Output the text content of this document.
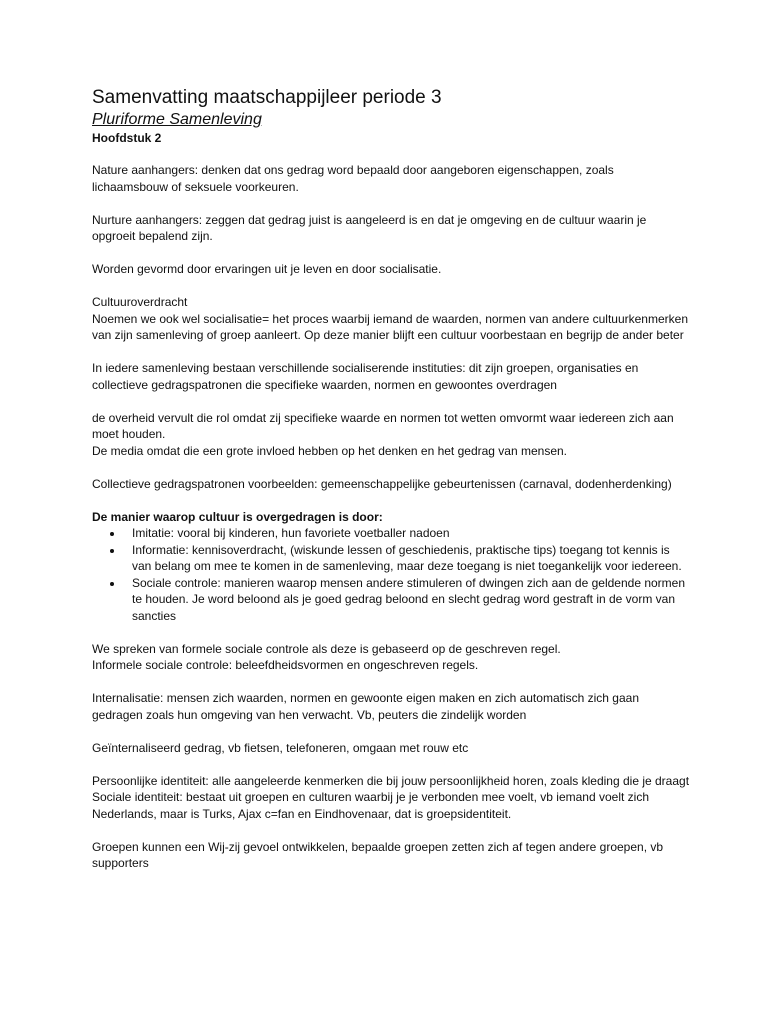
Samenvatting maatschappijleer periode 3
Pluriforme Samenleving
Hoofdstuk 2

Nature aanhangers: denken dat ons gedrag word bepaald door aangeboren eigenschappen, zoals lichaamsbouw of seksuele voorkeuren.

Nurture aanhangers: zeggen dat gedrag juist is aangeleerd is en dat je omgeving en de cultuur waarin je opgroeit bepalend zijn.

Worden gevormd door ervaringen uit je leven en door socialisatie.

Cultuuroverdracht

Noemen we ook wel socialisatie= het proces waarbij iemand de waarden, normen van andere cultuurkenmerken van zijn samenleving of groep aanleert. Op deze manier blijft een cultuur voorbestaan en begrijp de ander beter

In iedere samenleving bestaan verschillende socialiserende instituties: dit zijn groepen, organisaties en collectieve gedragspatronen die specifieke waarden, normen en gewoontes overdragen

de overheid vervult die rol omdat zij specifieke waarde en normen tot wetten omvormt waar iedereen zich aan moet houden.

De media omdat die een grote invloed hebben op het denken en het gedrag van mensen.

Collectieve gedragspatronen voorbeelden: gemeenschappelijke gebeurtenissen (carnaval, dodenherdenking)

De manier waarop cultuur is overgedragen is door:

• Imitatie: vooral bij kinderen, hun favoriete voetballer nadoen
• Informatie: kennisoverdracht, (wiskunde lessen of geschiedenis, praktische tips) toegang tot kennis is van belang om mee te komen in de samenleving, maar deze toegang is niet toegankelijk voor iedereen.
• Sociale controle: manieren waarop mensen andere stimuleren of dwingen zich aan de geldende normen te houden. Je word beloond als je goed gedrag beloond en slecht gedrag word gestraft in de vorm van sancties

We spreken van formele sociale controle als deze is gebaseerd op de geschreven regel.

Informele sociale controle: beleefdheidsvormen en ongeschreven regels.

Internalisatie: mensen zich waarden, normen en gewoonte eigen maken en zich automatisch zich gaan gedragen zoals hun omgeving van hen verwacht. Vb, peuters die zindelijk worden

Geïnternaliseerd gedrag, vb fietsen, telefoneren, omgaan met rouw etc

Persoonlijke identiteit: alle aangeleerde kenmerken die bij jouw persoonlijkheid horen, zoals kleding die je draagt

Sociale identiteit: bestaat uit groepen en culturen waarbij je je verbonden mee voelt, vb iemand voelt zich Nederlands, maar is Turks, Ajax c=fan en Eindhovenaar, dat is groepsidentiteit.

Groepen kunnen een Wij-zij gevoel ontwikkelen, bepaalde groepen zetten zich af tegen andere groepen, vb supporters
